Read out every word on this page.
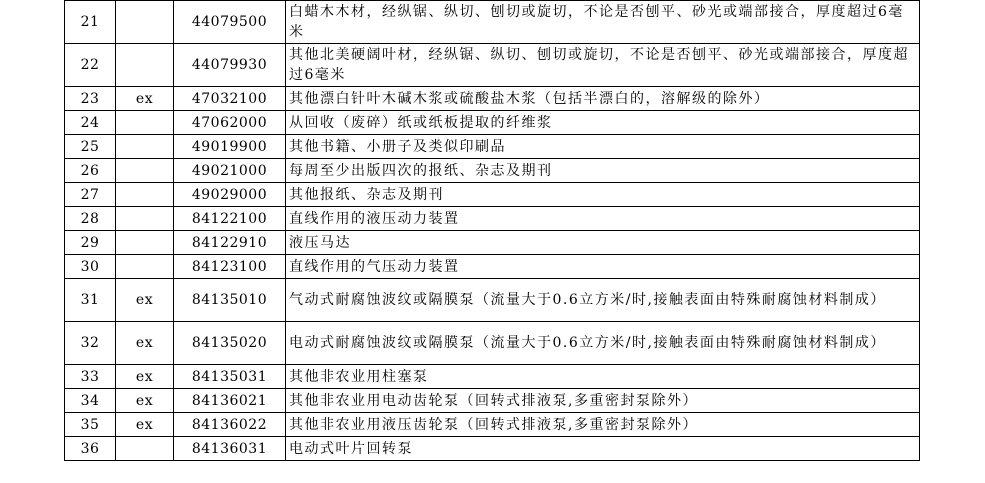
21		44079500	白蜡木木材，经纵锯、纵切、刨切或旋切，不论是否刨平、砂光或端部接合，厚度超过6毫米
22		44079930	其他北美硬阔叶材，经纵锯、纵切、刨切或旋切，不论是否刨平、砂光或端部接合，厚度超过6毫米
23	ex	47032100	其他漂白针叶木碱木浆或硫酸盐木浆（包括半漂白的，溶解级的除外）
24		47062000	从回收（废碎）纸或纸板提取的纤维浆
25		49019900	其他书籍、小册子及类似印刷品
26		49021000	每周至少出版四次的报纸、杂志及期刊
27		49029000	其他报纸、杂志及期刊
28		84122100	直线作用的液压动力装置
29		84122910	液压马达
30		84123100	直线作用的气压动力装置
31	ex	84135010	气动式耐腐蚀波纹或隔膜泵（流量大于0.6立方米/时,接触表面由特殊耐腐蚀材料制成）
32	ex	84135020	电动式耐腐蚀波纹或隔膜泵（流量大于0.6立方米/时,接触表面由特殊耐腐蚀材料制成）
33	ex	84135031	其他非农业用柱塞泵
34	ex	84136021	其他非农业用电动齿轮泵（回转式排液泵,多重密封泵除外）
35	ex	84136022	其他非农业用液压齿轮泵（回转式排液泵,多重密封泵除外）
36		84136031	电动式叶片回转泵
